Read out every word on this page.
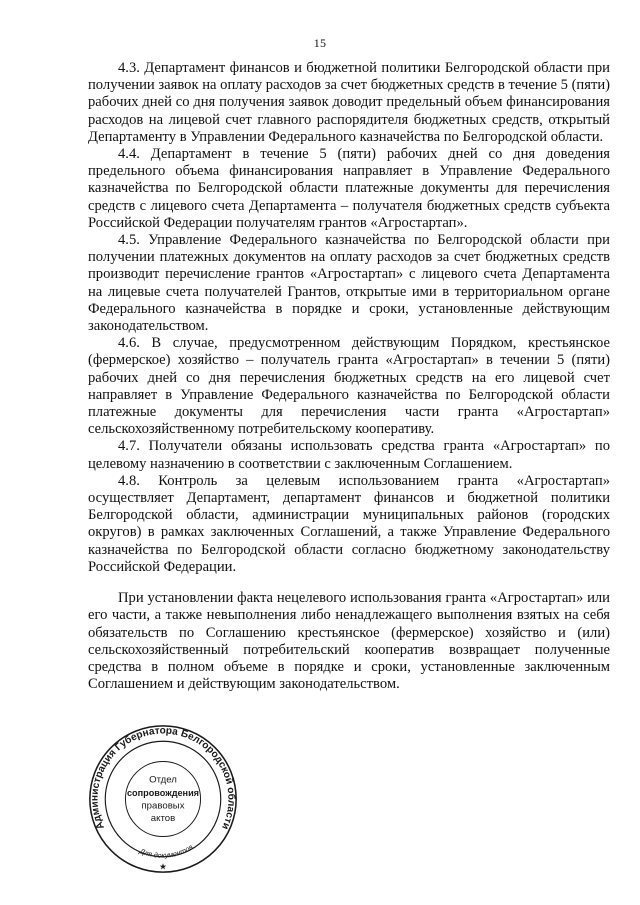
15

4.3. Департамент финансов и бюджетной политики Белгородской области при получении заявок на оплату расходов за счет бюджетных средств в течение 5 (пяти) рабочих дней со дня получения заявок доводит предельный объем финансирования расходов на лицевой счет главного распорядителя бюджетных средств, открытый Департаменту в Управлении Федерального казначейства по Белгородской области.

4.4. Департамент в течение 5 (пяти) рабочих дней со дня доведения предельного объема финансирования направляет в Управление Федерального казначейства по Белгородской области платежные документы для перечисления средств с лицевого счета Департамента – получателя бюджетных средств субъекта Российской Федерации получателям грантов «Агростартап».

4.5. Управление Федерального казначейства по Белгородской области при получении платежных документов на оплату расходов за счет бюджетных средств производит перечисление грантов «Агростартап» с лицевого счета Департамента на лицевые счета получателей Грантов, открытые ими в территориальном органе Федерального казначейства в порядке и сроки, установленные действующим законодательством.

4.6. В случае, предусмотренном действующим Порядком, крестьянское (фермерское) хозяйство – получатель гранта «Агростартап» в течении 5 (пяти) рабочих дней со дня перечисления бюджетных средств на его лицевой счет направляет в Управление Федерального казначейства по Белгородской области платежные документы для перечисления части гранта «Агростартап» сельскохозяйственному потребительскому кооперативу.

4.7. Получатели обязаны использовать средства гранта «Агростартап» по целевому назначению в соответствии с заключенным Соглашением.

4.8. Контроль за целевым использованием гранта «Агростартап» осуществляет Департамент, департамент финансов и бюджетной политики Белгородской области, администрации муниципальных районов (городских округов) в рамках заключенных Соглашений, а также Управление Федерального казначейства по Белгородской области согласно бюджетному законодательству Российской Федерации.

При установлении факта нецелевого использования гранта «Агростартап» или его части, а также невыполнения либо ненадлежащего выполнения взятых на себя обязательств по Соглашению крестьянское (фермерское) хозяйство и (или) сельскохозяйственный потребительский кооператив возвращает полученные средства в полном объеме в порядке и сроки, установленные заключенным Соглашением и действующим законодательством.

Администрация Губернатора Белгородской области
Для документов
Отдел
сопровождения
правовых
актов
★
